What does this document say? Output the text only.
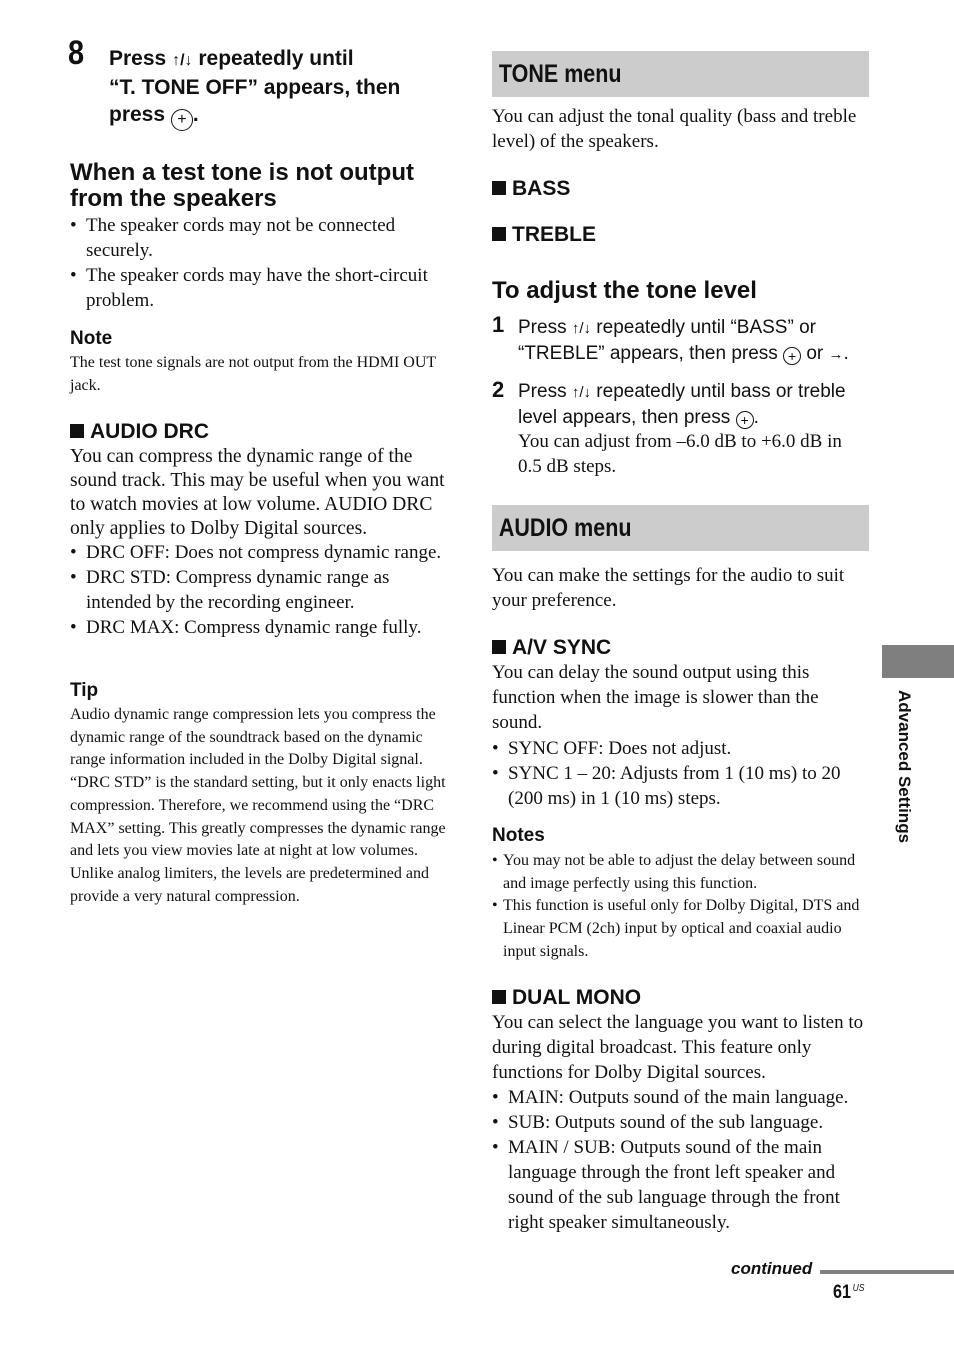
8 Press ↑/↓ repeatedly until
“T. TONE OFF” appears, then
press + .
When a test tone is not output
from the speakers
• The speaker cords may not be connected securely.
• The speaker cords may have the short-circuit problem.
Note
The test tone signals are not output from the HDMI OUT jack.
AUDIO DRC
You can compress the dynamic range of the sound track. This may be useful when you want to watch movies at low volume. AUDIO DRC only applies to Dolby Digital sources.
• DRC OFF: Does not compress dynamic range.
• DRC STD: Compress dynamic range as intended by the recording engineer.
• DRC MAX: Compress dynamic range fully.
Tip
Audio dynamic range compression lets you compress the dynamic range of the soundtrack based on the dynamic range information included in the Dolby Digital signal.
“DRC STD” is the standard setting, but it only enacts light compression. Therefore, we recommend using the “DRC MAX” setting. This greatly compresses the dynamic range and lets you view movies late at night at low volumes. Unlike analog limiters, the levels are predetermined and provide a very natural compression.
TONE menu
You can adjust the tonal quality (bass and treble level) of the speakers.
BASS
TREBLE
To adjust the tone level
1 Press ↑/↓ repeatedly until “BASS” or “TREBLE” appears, then press + or →.
2 Press ↑/↓ repeatedly until bass or treble level appears, then press + .
You can adjust from –6.0 dB to +6.0 dB in 0.5 dB steps.
AUDIO menu
You can make the settings for the audio to suit your preference.
A/V SYNC
You can delay the sound output using this function when the image is slower than the sound.
• SYNC OFF: Does not adjust.
• SYNC 1 – 20: Adjusts from 1 (10 ms) to 20 (200 ms) in 1 (10 ms) steps.
Notes
• You may not be able to adjust the delay between sound and image perfectly using this function.
• This function is useful only for Dolby Digital, DTS and Linear PCM (2ch) input by optical and coaxial audio input signals.
DUAL MONO
You can select the language you want to listen to during digital broadcast. This feature only functions for Dolby Digital sources.
• MAIN: Outputs sound of the main language.
• SUB: Outputs sound of the sub language.
• MAIN / SUB: Outputs sound of the main language through the front left speaker and sound of the sub language through the front right speaker simultaneously.
Advanced Settings
continued
61 $^{US}$
